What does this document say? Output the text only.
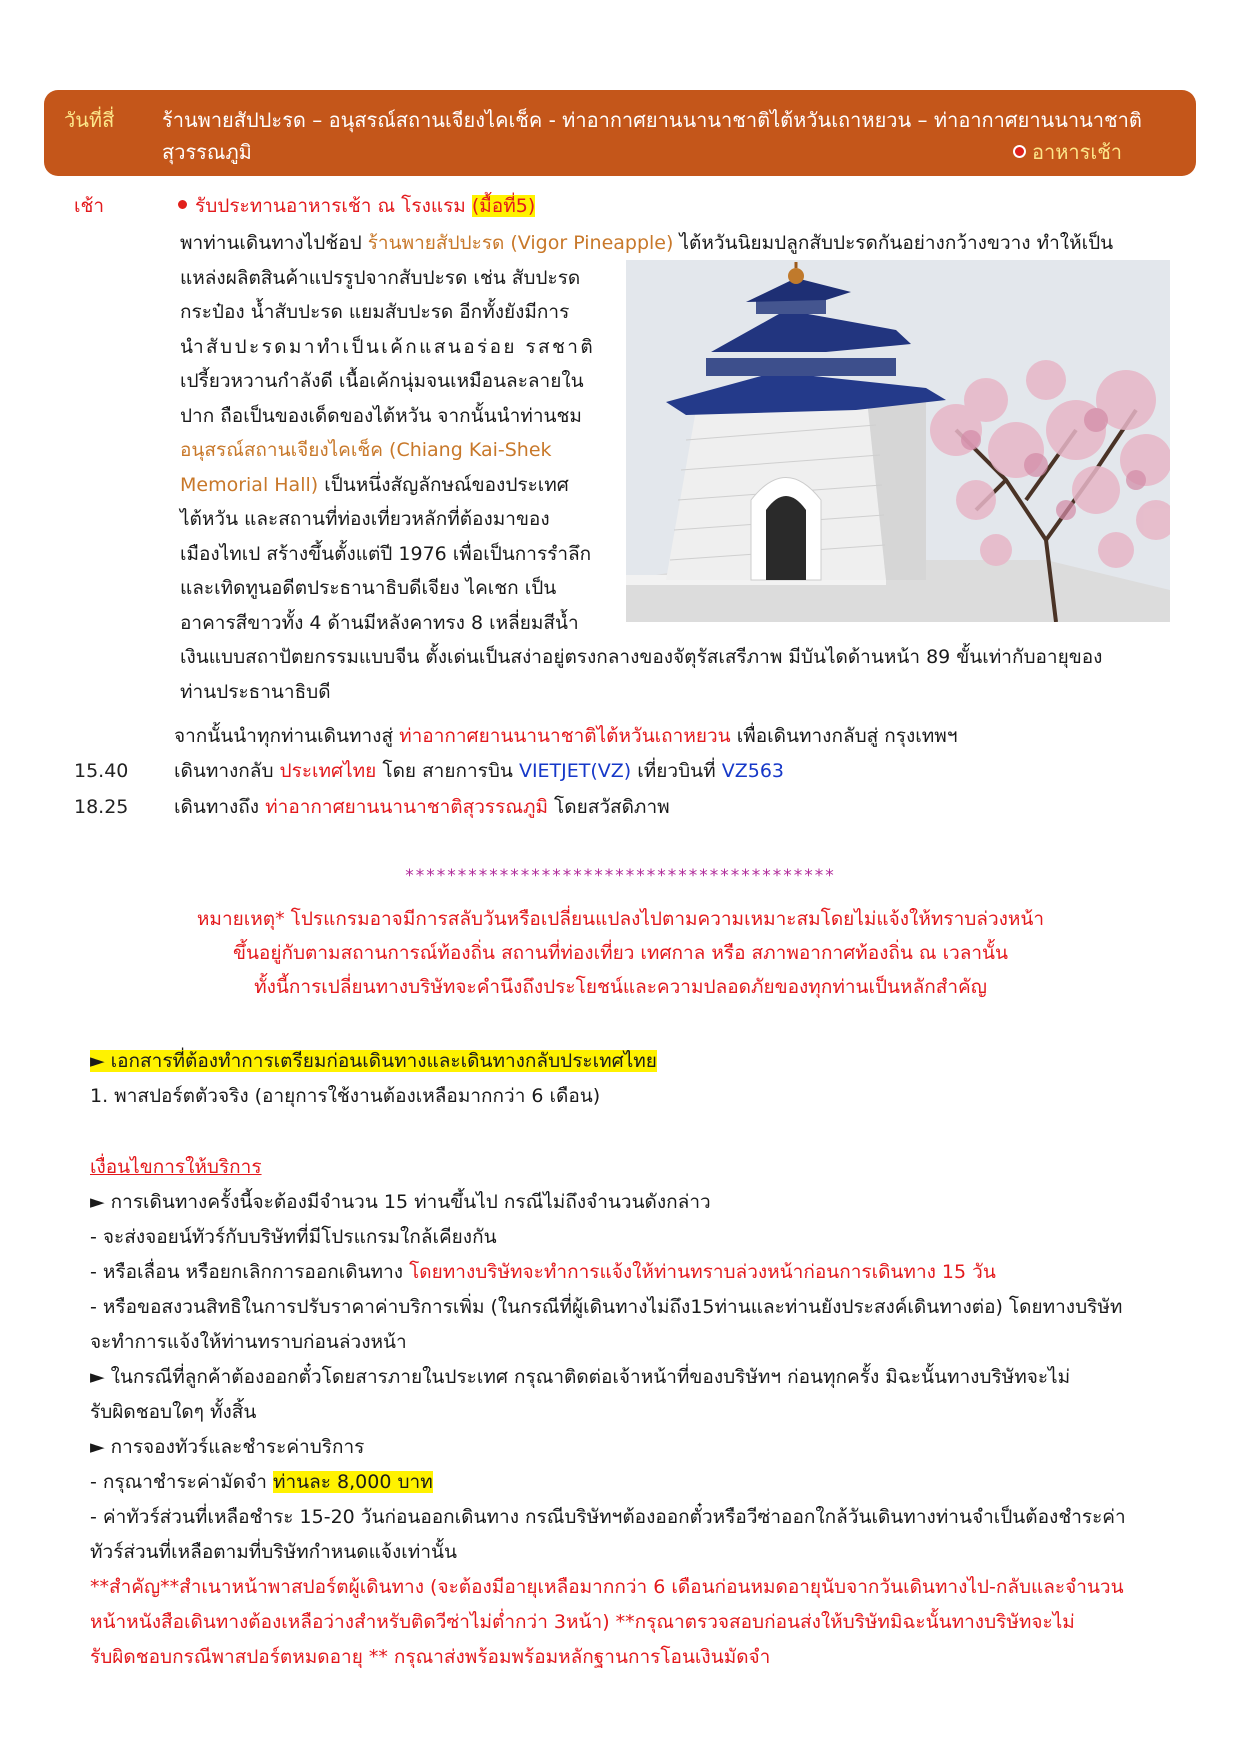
วันที่สี่ ร้านพายสัปปะรด – อนุสรณ์สถานเจียงไคเช็ค - ท่าอากาศยานนานาชาติไต้หวันเถาหยวน – ท่าอากาศยานนานาชาติ
สุวรรณภูมิ	อาหารเช้า
เช้า	รับประทานอาหารเช้า ณ โรงแรม (มื้อที่5)
พาท่านเดินทางไปช้อป ร้านพายสัปปะรด (Vigor Pineapple) ไต้หวันนิยมปลูกสับปะรดกันอย่างกว้างขวาง ทำให้เป็น
แหล่งผลิตสินค้าแปรรูปจากสับปะรด เช่น สับปะรด
กระป๋อง น้ำสับปะรด แยมสับปะรด อีกทั้งยังมีการ
นำสับปะรดมาทำเป็นเค้กแสนอร่อย รสชาติ
เปรี้ยวหวานกำลังดี เนื้อเค้กนุ่มจนเหมือนละลายใน
ปาก ถือเป็นของเด็ดของไต้หวัน จากนั้นนำท่านชม
อนุสรณ์สถานเจียงไคเช็ค (Chiang Kai-Shek
Memorial Hall) เป็นหนึ่งสัญลักษณ์ของประเทศ
ไต้หวัน และสถานที่ท่องเที่ยวหลักที่ต้องมาของ
เมืองไทเป สร้างขึ้นตั้งแต่ปี 1976 เพื่อเป็นการรำลึก
และเทิดทูนอดีตประธานาธิบดีเจียง ไคเชก เป็น
อาคารสีขาวทั้ง 4 ด้านมีหลังคาทรง 8 เหลี่ยมสีน้ำ
เงินแบบสถาปัตยกรรมแบบจีน ตั้งเด่นเป็นสง่าอยู่ตรงกลางของจัตุรัสเสรีภาพ มีบันไดด้านหน้า 89 ขั้นเท่ากับอายุของ
ท่านประธานาธิบดี
จากนั้นนำทุกท่านเดินทางสู่ ท่าอากาศยานนานาชาติไต้หวันเถาหยวน เพื่อเดินทางกลับสู่ กรุงเทพฯ
15.40 เดินทางกลับ ประเทศไทย โดย สายการบิน VIETJET(VZ) เที่ยวบินที่ VZ563
18.25 เดินทางถึง ท่าอากาศยานนานาชาติสุวรรณภูมิ โดยสวัสดิภาพ
*****************************************
หมายเหตุ* โปรแกรมอาจมีการสลับวันหรือเปลี่ยนแปลงไปตามความเหมาะสมโดยไม่แจ้งให้ทราบล่วงหน้า
ขึ้นอยู่กับตามสถานการณ์ท้องถิ่น สถานที่ท่องเที่ยว เทศกาล หรือ สภาพอากาศท้องถิ่น ณ เวลานั้น
ทั้งนี้การเปลี่ยนทางบริษัทจะคำนึงถึงประโยชน์และความปลอดภัยของทุกท่านเป็นหลักสำคัญ
► เอกสารที่ต้องทำการเตรียมก่อนเดินทางและเดินทางกลับประเทศไทย
1. พาสปอร์ตตัวจริง (อายุการใช้งานต้องเหลือมากกว่า 6 เดือน)
เงื่อนไขการให้บริการ
► การเดินทางครั้งนี้จะต้องมีจำนวน 15 ท่านขึ้นไป กรณีไม่ถึงจำนวนดังกล่าว
- จะส่งจอยน์ทัวร์กับบริษัทที่มีโปรแกรมใกล้เคียงกัน
- หรือเลื่อน หรือยกเลิกการออกเดินทาง โดยทางบริษัทจะทำการแจ้งให้ท่านทราบล่วงหน้าก่อนการเดินทาง 15 วัน
- หรือขอสงวนสิทธิในการปรับราคาค่าบริการเพิ่ม (ในกรณีที่ผู้เดินทางไม่ถึง15ท่านและท่านยังประสงค์เดินทางต่อ) โดยทางบริษัท
จะทำการแจ้งให้ท่านทราบก่อนล่วงหน้า
► ในกรณีที่ลูกค้าต้องออกตั๋วโดยสารภายในประเทศ กรุณาติดต่อเจ้าหน้าที่ของบริษัทฯ ก่อนทุกครั้ง มิฉะนั้นทางบริษัทจะไม่
รับผิดชอบใดๆ ทั้งสิ้น
► การจองทัวร์และชำระค่าบริการ
- กรุณาชำระค่ามัดจำ ท่านละ 8,000 บาท
- ค่าทัวร์ส่วนที่เหลือชำระ 15-20 วันก่อนออกเดินทาง กรณีบริษัทฯต้องออกตั๋วหรือวีซ่าออกใกล้วันเดินทางท่านจำเป็นต้องชำระค่า
ทัวร์ส่วนที่เหลือตามที่บริษัทกำหนดแจ้งเท่านั้น
**สำคัญ**สำเนาหน้าพาสปอร์ตผู้เดินทาง (จะต้องมีอายุเหลือมากกว่า 6 เดือนก่อนหมดอายุนับจากวันเดินทางไป-กลับและจำนวน
หน้าหนังสือเดินทางต้องเหลือว่างสำหรับติดวีซ่าไม่ต่ำกว่า 3หน้า) **กรุณาตรวจสอบก่อนส่งให้บริษัทมิฉะนั้นทางบริษัทจะไม่
รับผิดชอบกรณีพาสปอร์ตหมดอายุ ** กรุณาส่งพร้อมพร้อมหลักฐานการโอนเงินมัดจำ
